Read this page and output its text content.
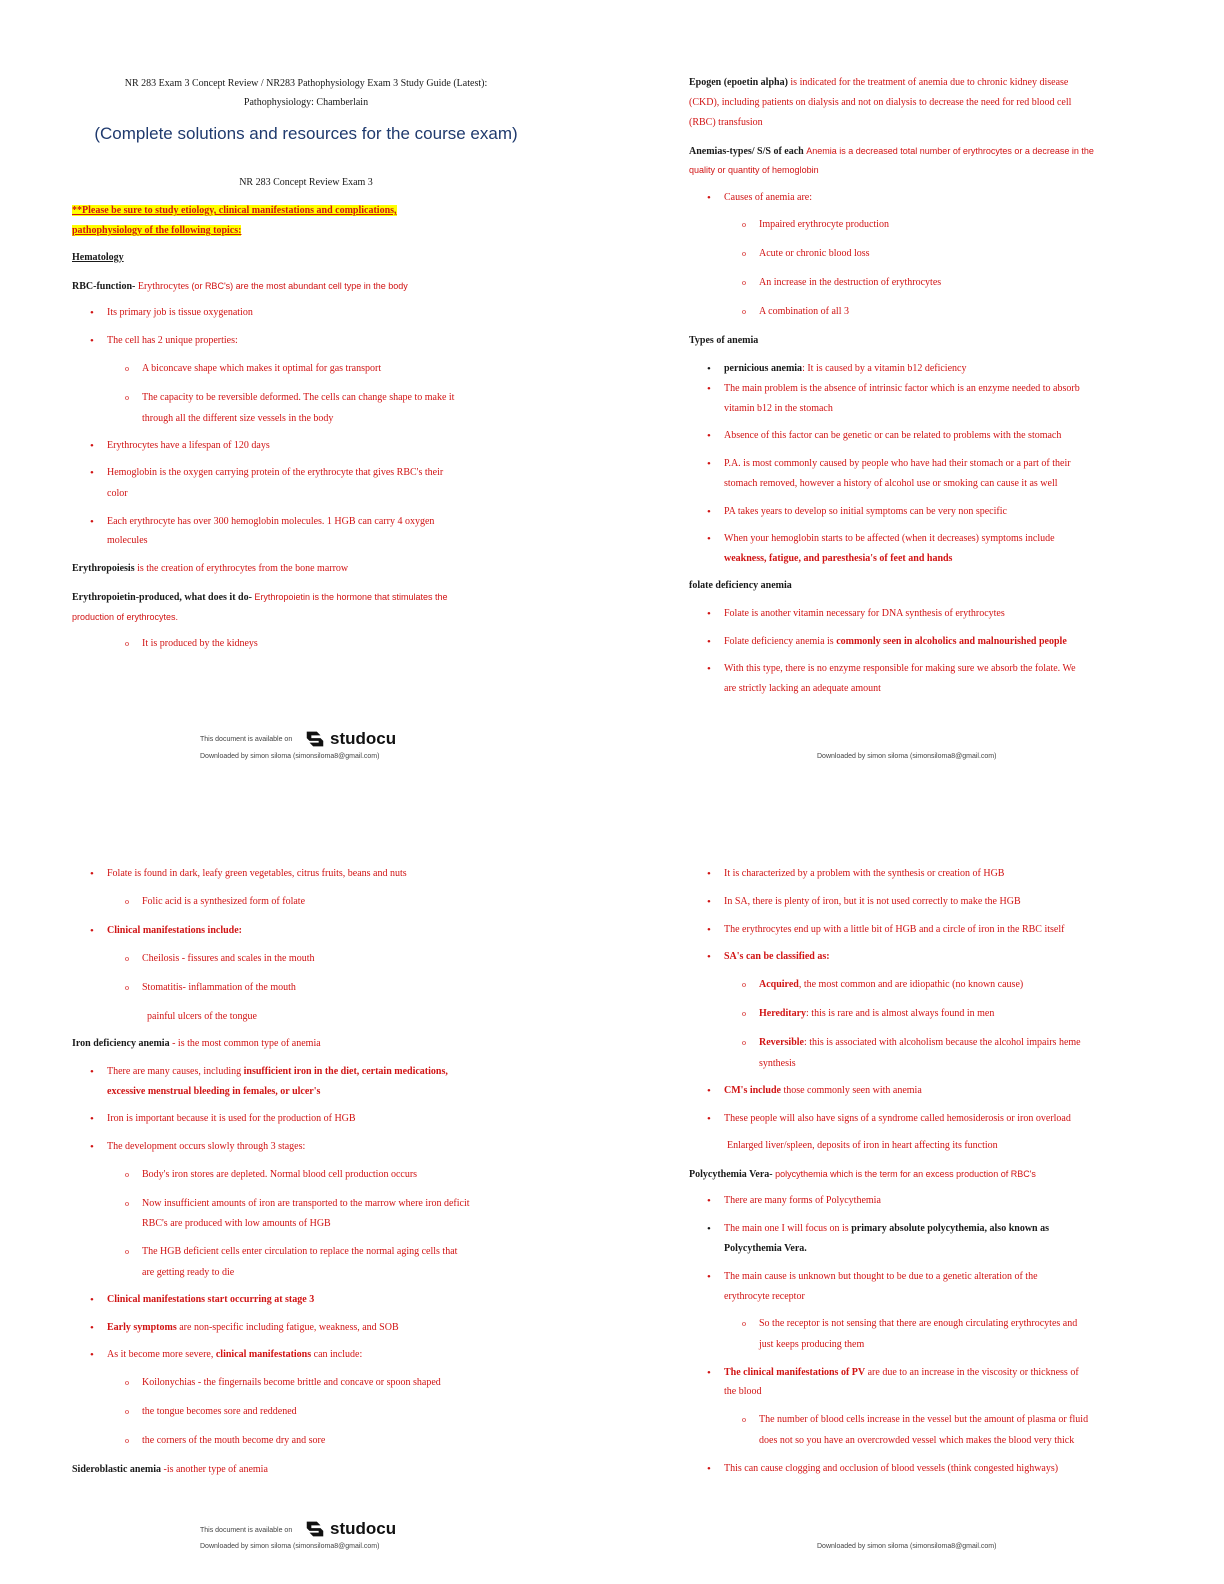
NR 283 Exam 3 Concept Review / NR283 Pathophysiology Exam 3 Study Guide (Latest):
Pathophysiology: Chamberlain
(Complete solutions and resources for the course exam)
NR 283 Concept Review Exam 3
**Please be sure to study etiology, clinical manifestations and complications,
pathophysiology of the following topics:
Hematology
RBC-function- Erythrocytes (or RBC's) are the most abundant cell type in the body
• Its primary job is tissue oxygenation
• The cell has 2 unique properties:
o A biconcave shape which makes it optimal for gas transport
o The capacity to be reversible deformed. The cells can change shape to make it
through all the different size vessels in the body
• Erythrocytes have a lifespan of 120 days
• Hemoglobin is the oxygen carrying protein of the erythrocyte that gives RBC's their
color
• Each erythrocyte has over 300 hemoglobin molecules. 1 HGB can carry 4 oxygen
molecules
Erythropoiesis is the creation of erythrocytes from the bone marrow
Erythropoietin-produced, what does it do- Erythropoietin is the hormone that stimulates the
production of erythrocytes.
o It is produced by the kidneys
This document is available on studocu
Downloaded by simon siloma (simonsiloma8@gmail.com)
Epogen (epoetin alpha) is indicated for the treatment of anemia due to chronic kidney disease
(CKD), including patients on dialysis and not on dialysis to decrease the need for red blood cell
(RBC) transfusion
Anemias-types/ S/S of each Anemia is a decreased total number of erythrocytes or a decrease in the
quality or quantity of hemoglobin
• Causes of anemia are:
o Impaired erythrocyte production
o Acute or chronic blood loss
o An increase in the destruction of erythrocytes
o A combination of all 3
Types of anemia
• pernicious anemia: It is caused by a vitamin b12 deficiency
• The main problem is the absence of intrinsic factor which is an enzyme needed to absorb
vitamin b12 in the stomach
• Absence of this factor can be genetic or can be related to problems with the stomach
• P.A. is most commonly caused by people who have had their stomach or a part of their
stomach removed, however a history of alcohol use or smoking can cause it as well
• PA takes years to develop so initial symptoms can be very non specific
• When your hemoglobin starts to be affected (when it decreases) symptoms include
weakness, fatigue, and paresthesia's of feet and hands
folate deficiency anemia
• Folate is another vitamin necessary for DNA synthesis of erythrocytes
• Folate deficiency anemia is commonly seen in alcoholics and malnourished people
• With this type, there is no enzyme responsible for making sure we absorb the folate. We
are strictly lacking an adequate amount
Downloaded by simon siloma (simonsiloma8@gmail.com)
• Folate is found in dark, leafy green vegetables, citrus fruits, beans and nuts
o Folic acid is a synthesized form of folate
• Clinical manifestations include:
o Cheilosis - fissures and scales in the mouth
o Stomatitis- inflammation of the mouth
painful ulcers of the tongue
Iron deficiency anemia - is the most common type of anemia
• There are many causes, including insufficient iron in the diet, certain medications,
excessive menstrual bleeding in females, or ulcer's
• Iron is important because it is used for the production of HGB
• The development occurs slowly through 3 stages:
o Body's iron stores are depleted. Normal blood cell production occurs
o Now insufficient amounts of iron are transported to the marrow where iron deficit
RBC's are produced with low amounts of HGB
o The HGB deficient cells enter circulation to replace the normal aging cells that
are getting ready to die
• Clinical manifestations start occurring at stage 3
• Early symptoms are non-specific including fatigue, weakness, and SOB
• As it become more severe, clinical manifestations can include:
o Koilonychias - the fingernails become brittle and concave or spoon shaped
o the tongue becomes sore and reddened
o the corners of the mouth become dry and sore
Sideroblastic anemia -is another type of anemia
This document is available on studocu
Downloaded by simon siloma (simonsiloma8@gmail.com)
• It is characterized by a problem with the synthesis or creation of HGB
• In SA, there is plenty of iron, but it is not used correctly to make the HGB
• The erythrocytes end up with a little bit of HGB and a circle of iron in the RBC itself
• SA's can be classified as:
o Acquired, the most common and are idiopathic (no known cause)
o Hereditary: this is rare and is almost always found in men
o Reversible: this is associated with alcoholism because the alcohol impairs heme
synthesis
• CM's include those commonly seen with anemia
• These people will also have signs of a syndrome called hemosiderosis or iron overload
Enlarged liver/spleen, deposits of iron in heart affecting its function
Polycythemia Vera- polycythemia which is the term for an excess production of RBC's
• There are many forms of Polycythemia
• The main one I will focus on is primary absolute polycythemia, also known as
Polycythemia Vera.
• The main cause is unknown but thought to be due to a genetic alteration of the
erythrocyte receptor
o So the receptor is not sensing that there are enough circulating erythrocytes and
just keeps producing them
• The clinical manifestations of PV are due to an increase in the viscosity or thickness of
the blood
o The number of blood cells increase in the vessel but the amount of plasma or fluid
does not so you have an overcrowded vessel which makes the blood very thick
• This can cause clogging and occlusion of blood vessels (think congested highways)
Downloaded by simon siloma (simonsiloma8@gmail.com)
